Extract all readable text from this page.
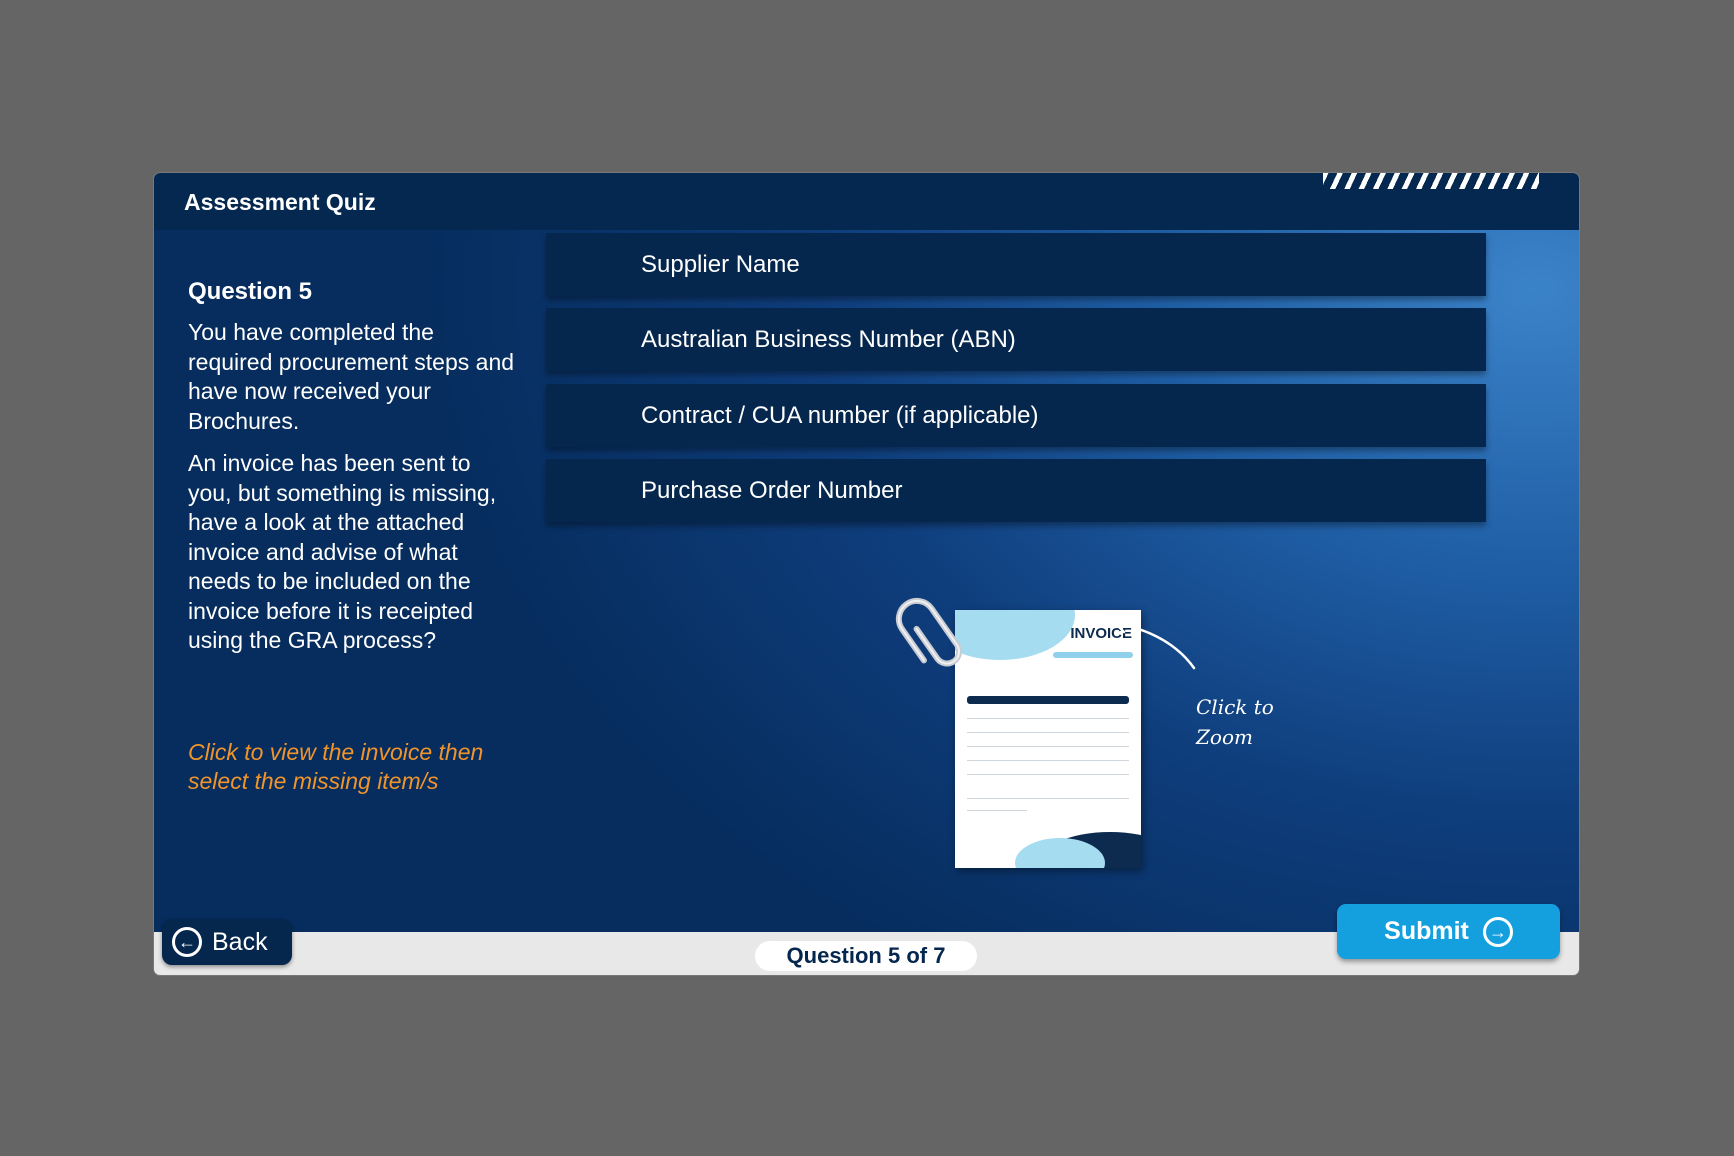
Assessment Quiz
Question 5
You have completed the required procurement steps and have now received your Brochures.
An invoice has been sent to you, but something is missing, have a look at the attached invoice and advise of what needs to be included on the invoice before it is receipted using the GRA process?
Click to view the invoice then select the missing item/s
Supplier Name
Australian Business Number (ABN)
Contract / CUA number (if applicable)
Purchase Order Number
INVOICE
Click to
Zoom
← Back	Question 5 of 7
Submit	→
